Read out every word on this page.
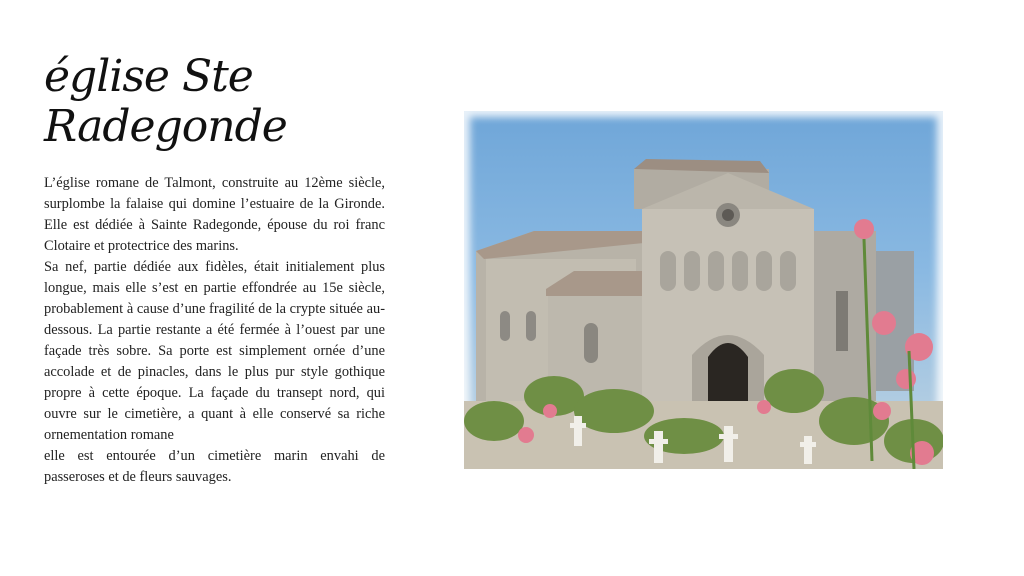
église Ste Radegonde

L’église romane de Talmont, construite au 12ème siècle, surplombe la falaise qui domine l’estuaire de la Gironde. Elle est dédiée à Sainte Radegonde, épouse du roi franc Clotaire et protectrice des marins.

Sa nef, partie dédiée aux fidèles, était initialement plus longue, mais elle s’est en partie effondrée au 15e siècle, probablement à cause d’une fragilité de la crypte située au-dessous. La partie restante a été fermée à l’ouest par une façade très sobre. Sa porte est simplement ornée d’une accolade et de pinacles, dans le plus pur style gothique propre à cette époque. La façade du transept nord, qui ouvre sur le cimetière, a quant à elle conservé sa riche ornementation romane

elle est entourée d’un cimetière marin envahi de passeroses et de fleurs sauvages.
